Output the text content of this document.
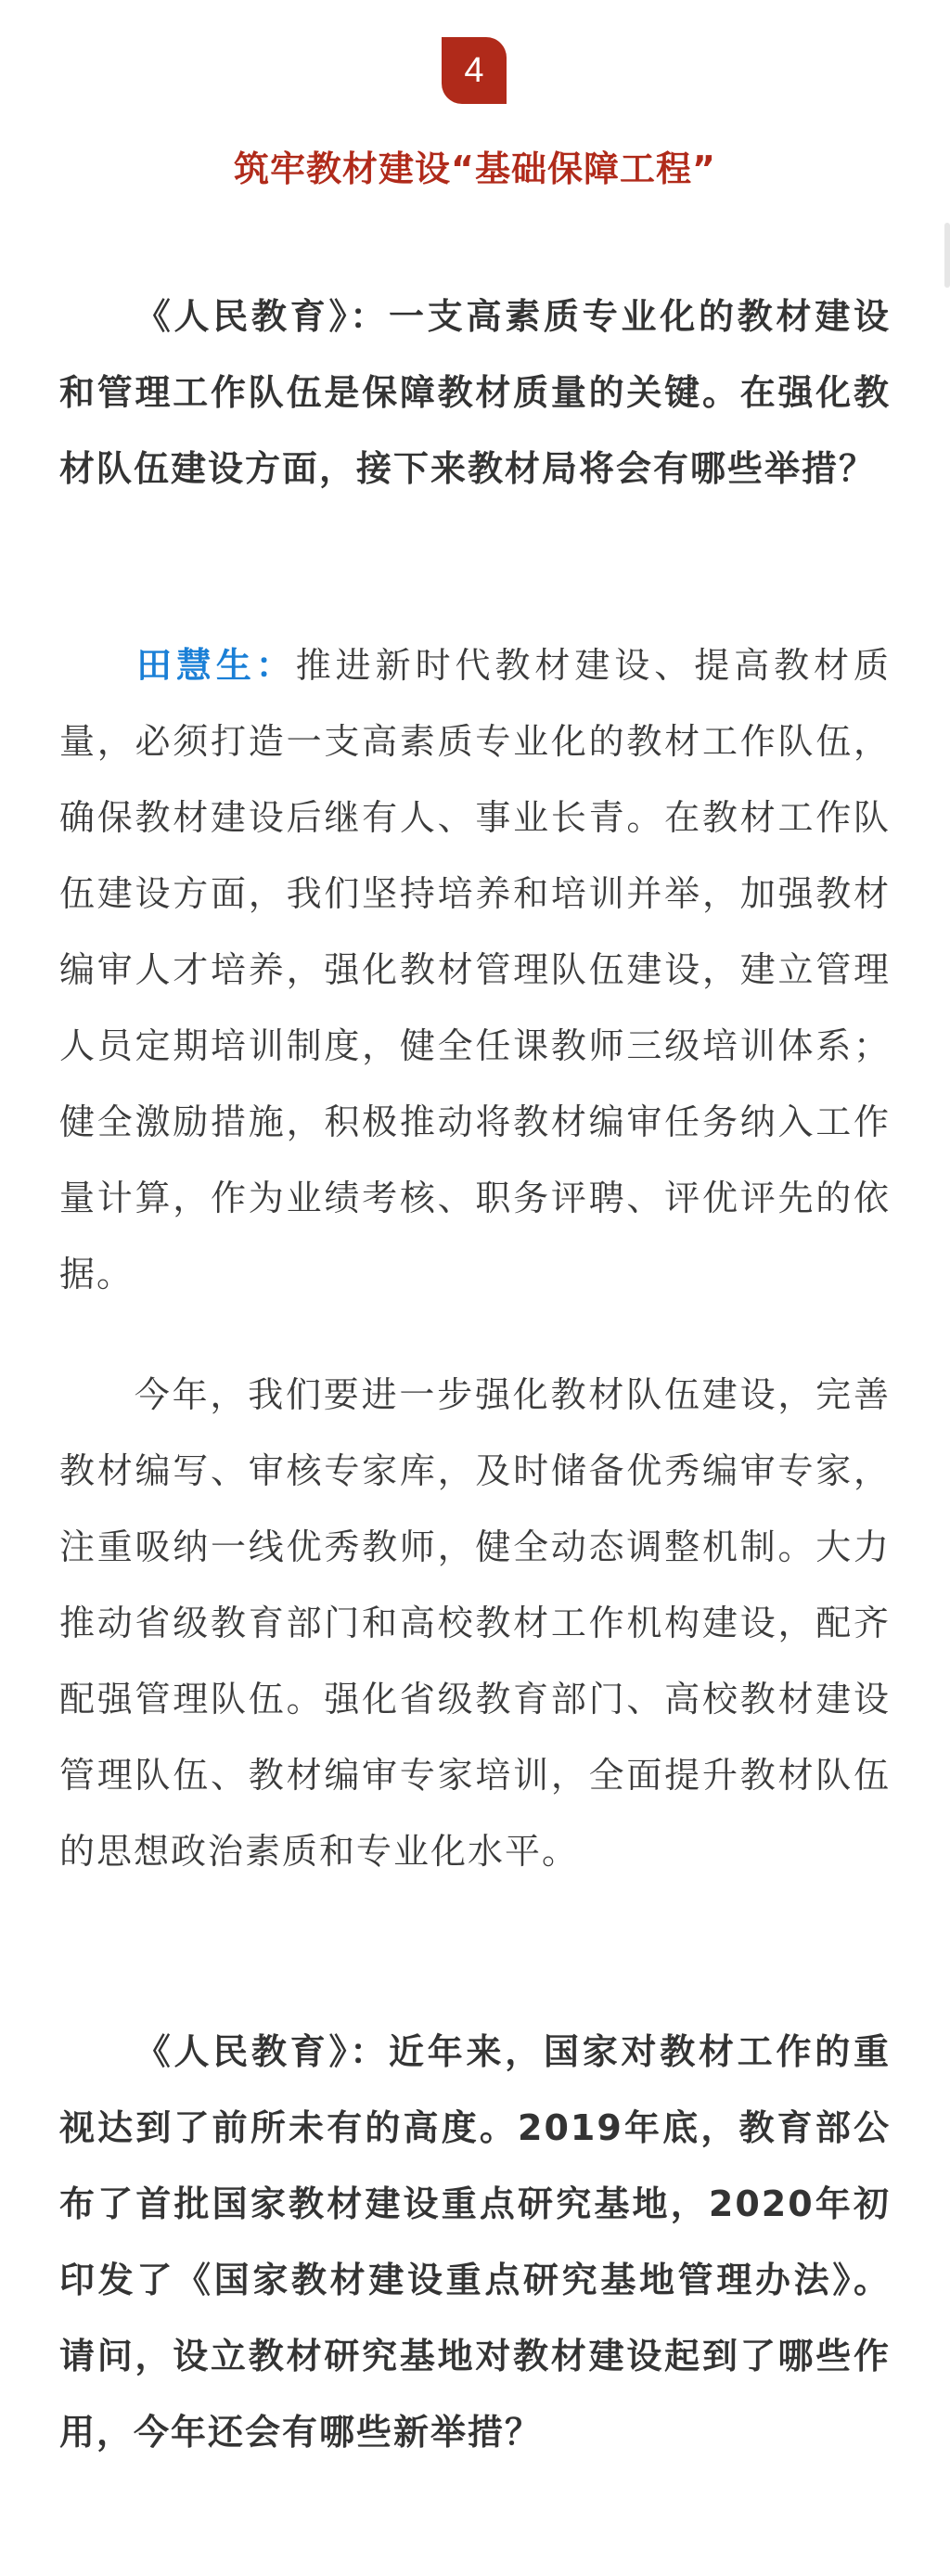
4
筑牢教材建设“基础保障工程”
《人民教育》：一支高素质专业化的教材建设和管理工作队伍是保障教材质量的关键。在强化教材队伍建设方面，接下来教材局将会有哪些举措？
田慧生：推进新时代教材建设、提高教材质量，必须打造一支高素质专业化的教材工作队伍，确保教材建设后继有人、事业长青。在教材工作队伍建设方面，我们坚持培养和培训并举，加强教材编审人才培养，强化教材管理队伍建设，建立管理人员定期培训制度，健全任课教师三级培训体系；健全激励措施，积极推动将教材编审任务纳入工作量计算，作为业绩考核、职务评聘、评优评先的依据。
今年，我们要进一步强化教材队伍建设，完善教材编写、审核专家库，及时储备优秀编审专家，注重吸纳一线优秀教师，健全动态调整机制。大力推动省级教育部门和高校教材工作机构建设，配齐配强管理队伍。强化省级教育部门、高校教材建设管理队伍、教材编审专家培训，全面提升教材队伍的思想政治素质和专业化水平。
《人民教育》：近年来，国家对教材工作的重视达到了前所未有的高度。2019年底，教育部公布了首批国家教材建设重点研究基地，2020年初印发了《国家教材建设重点研究基地管理办法》。请问，设立教材研究基地对教材建设起到了哪些作用，今年还会有哪些新举措？
